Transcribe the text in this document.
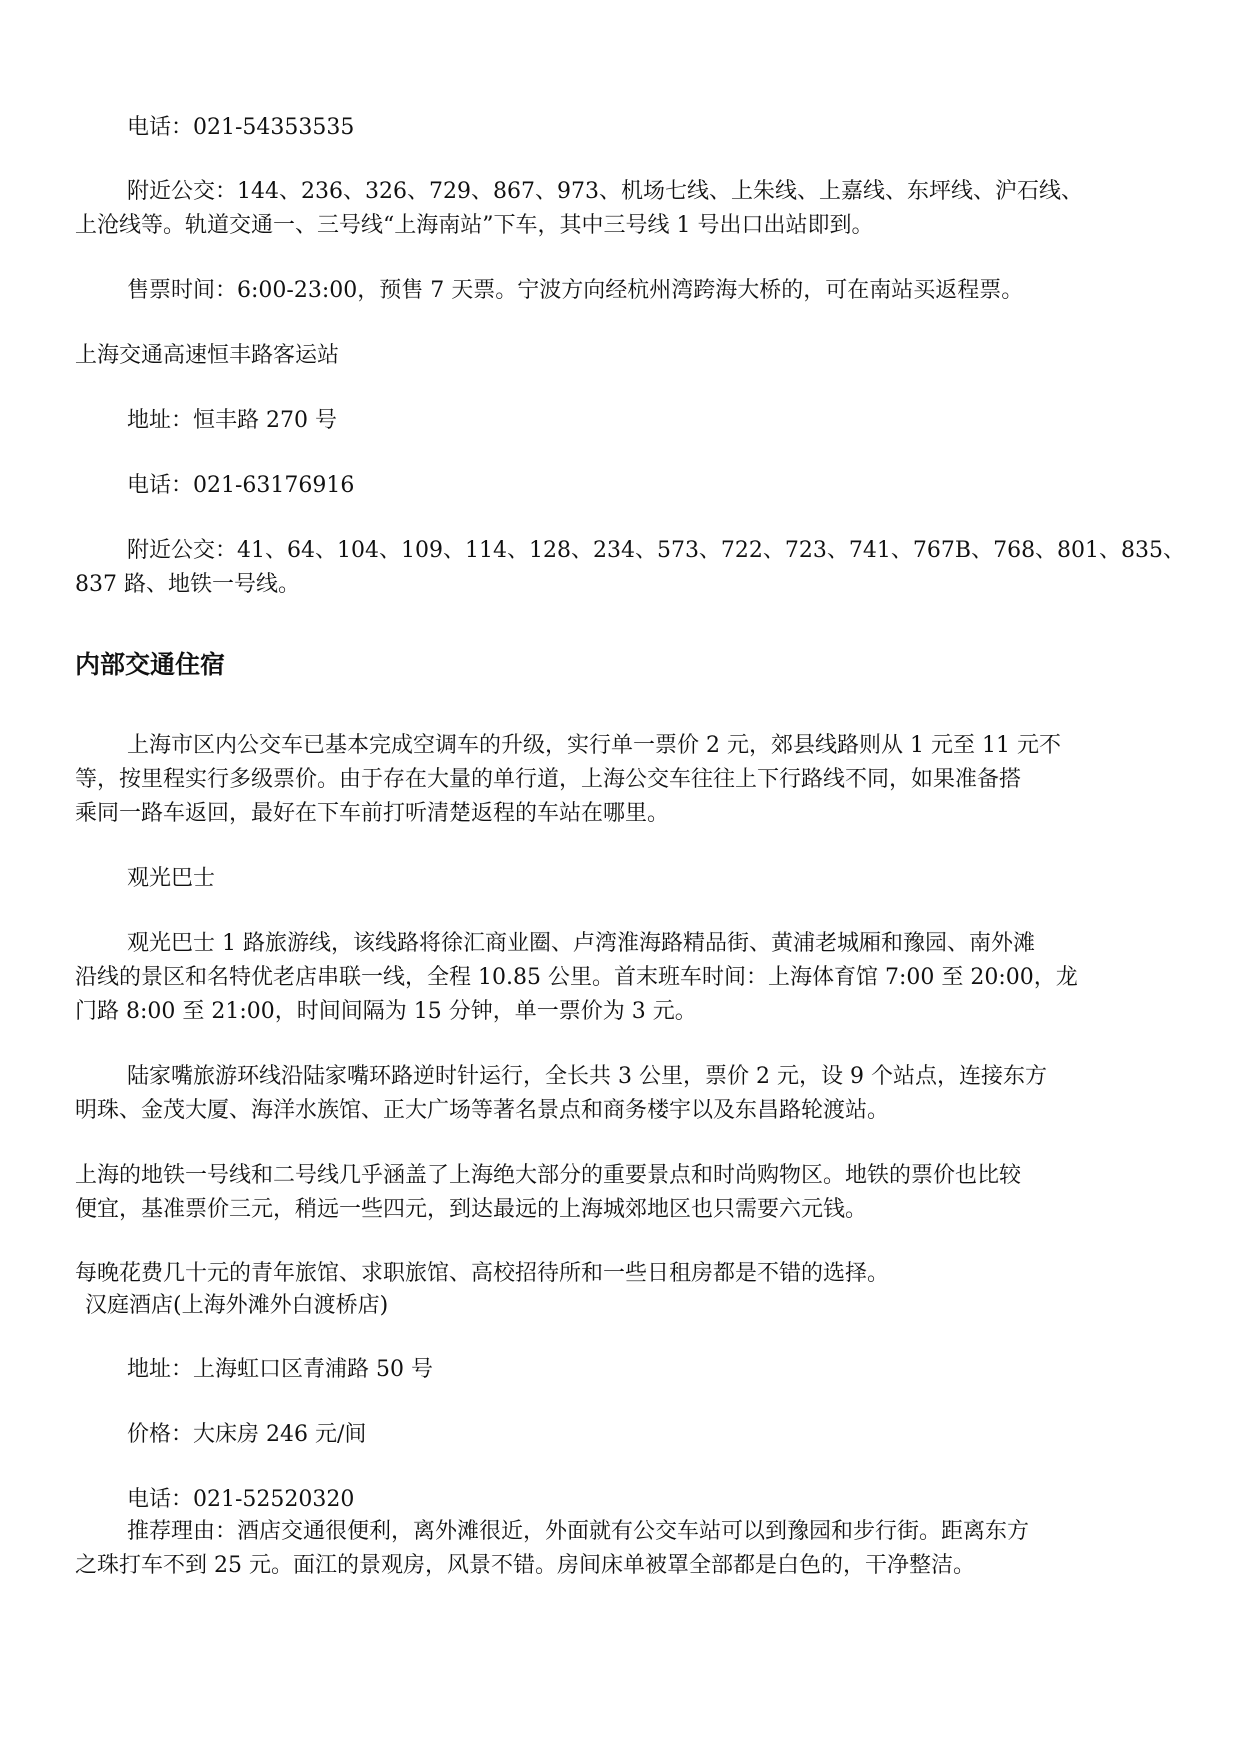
电话：021-54353535
附近公交：144、236、326、729、867、973、机场七线、上朱线、上嘉线、东坪线、沪石线、
上沧线等。轨道交通一、三号线“上海南站”下车，其中三号线 1 号出口出站即到。
售票时间：6:00-23:00，预售 7 天票。宁波方向经杭州湾跨海大桥的，可在南站买返程票。
上海交通高速恒丰路客运站
地址：恒丰路 270 号
电话：021-63176916
附近公交：41、64、104、109、114、128、234、573、722、723、741、767B、768、801、835、
837 路、地铁一号线。
内部交通住宿
上海市区内公交车已基本完成空调车的升级，实行单一票价 2 元，郊县线路则从 1 元至 11 元不
等，按里程实行多级票价。由于存在大量的单行道，上海公交车往往上下行路线不同，如果准备搭
乘同一路车返回，最好在下车前打听清楚返程的车站在哪里。
观光巴士
观光巴士 1 路旅游线，该线路将徐汇商业圈、卢湾淮海路精品街、黄浦老城厢和豫园、南外滩
沿线的景区和名特优老店串联一线，全程 10.85 公里。首末班车时间：上海体育馆 7:00 至 20:00，龙
门路 8:00 至 21:00，时间间隔为 15 分钟，单一票价为 3 元。
陆家嘴旅游环线沿陆家嘴环路逆时针运行，全长共 3 公里，票价 2 元，设 9 个站点，连接东方
明珠、金茂大厦、海洋水族馆、正大广场等著名景点和商务楼宇以及东昌路轮渡站。
上海的地铁一号线和二号线几乎涵盖了上海绝大部分的重要景点和时尚购物区。地铁的票价也比较
便宜，基准票价三元，稍远一些四元，到达最远的上海城郊地区也只需要六元钱。
每晚花费几十元的青年旅馆、求职旅馆、高校招待所和一些日租房都是不错的选择。
汉庭酒店(上海外滩外白渡桥店)
地址：上海虹口区青浦路 50 号
价格：大床房 246 元/间
电话：021-52520320
推荐理由：酒店交通很便利，离外滩很近，外面就有公交车站可以到豫园和步行街。距离东方
之珠打车不到 25 元。面江的景观房，风景不错。房间床单被罩全部都是白色的，干净整洁。
